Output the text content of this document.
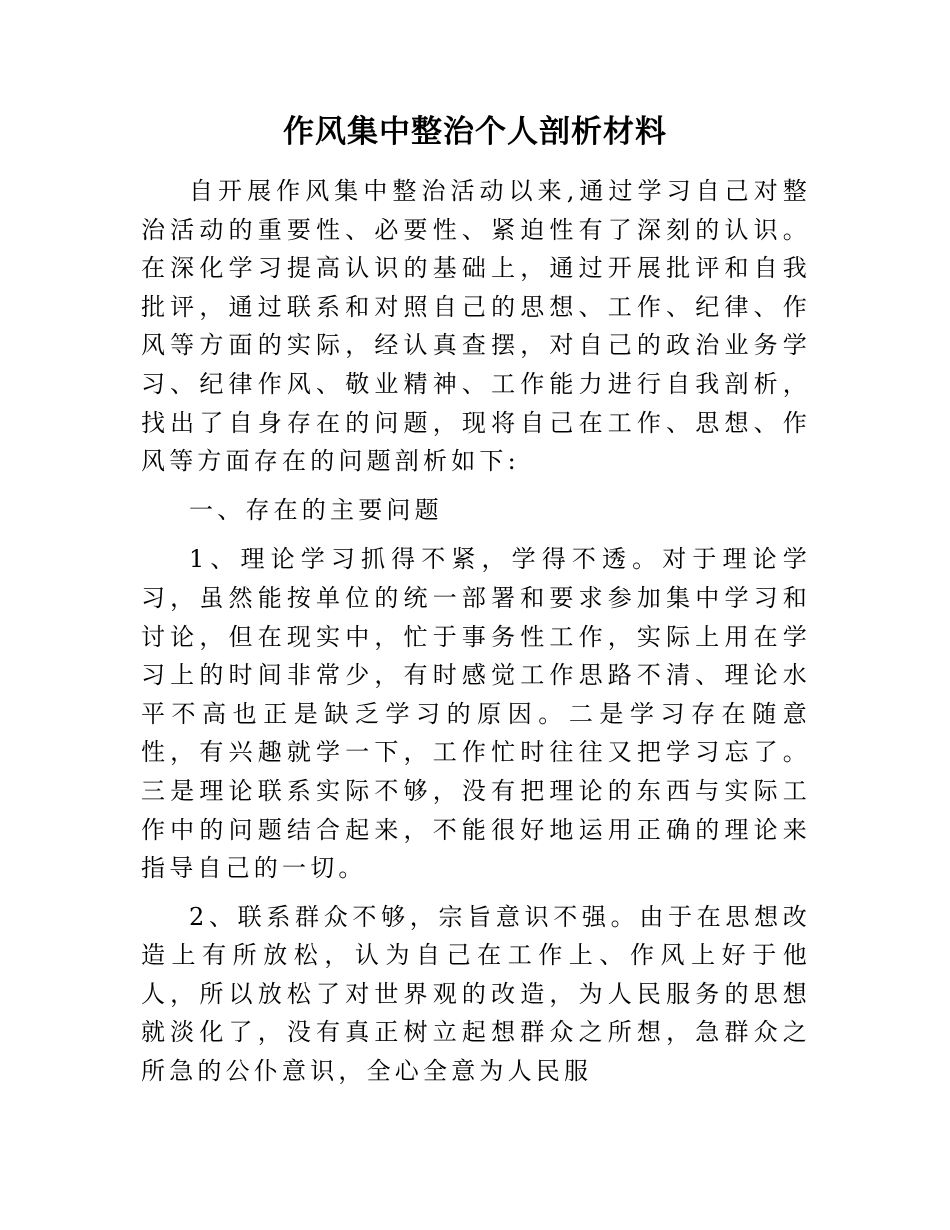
作风集中整治个人剖析材料

自开展作风集中整治活动以来,通过学习自己对整治活动的重要性、必要性、紧迫性有了深刻的认识。在深化学习提高认识的基础上，通过开展批评和自我批评，通过联系和对照自己的思想、工作、纪律、作风等方面的实际，经认真查摆，对自己的政治业务学习、纪律作风、敬业精神、工作能力进行自我剖析，找出了自身存在的问题，现将自己在工作、思想、作风等方面存在的问题剖析如下:

一、存在的主要问题

1、理论学习抓得不紧，学得不透。对于理论学习，虽然能按单位的统一部署和要求参加集中学习和讨论，但在现实中，忙于事务性工作，实际上用在学习上的时间非常少，有时感觉工作思路不清、理论水平不高也正是缺乏学习的原因。二是学习存在随意性，有兴趣就学一下，工作忙时往往又把学习忘了。三是理论联系实际不够，没有把理论的东西与实际工作中的问题结合起来，不能很好地运用正确的理论来指导自己的一切。

2、联系群众不够，宗旨意识不强。由于在思想改造上有所放松，认为自己在工作上、作风上好于他人，所以放松了对世界观的改造，为人民服务的思想就淡化了，没有真正树立起想群众之所想，急群众之所急的公仆意识，全心全意为人民服
